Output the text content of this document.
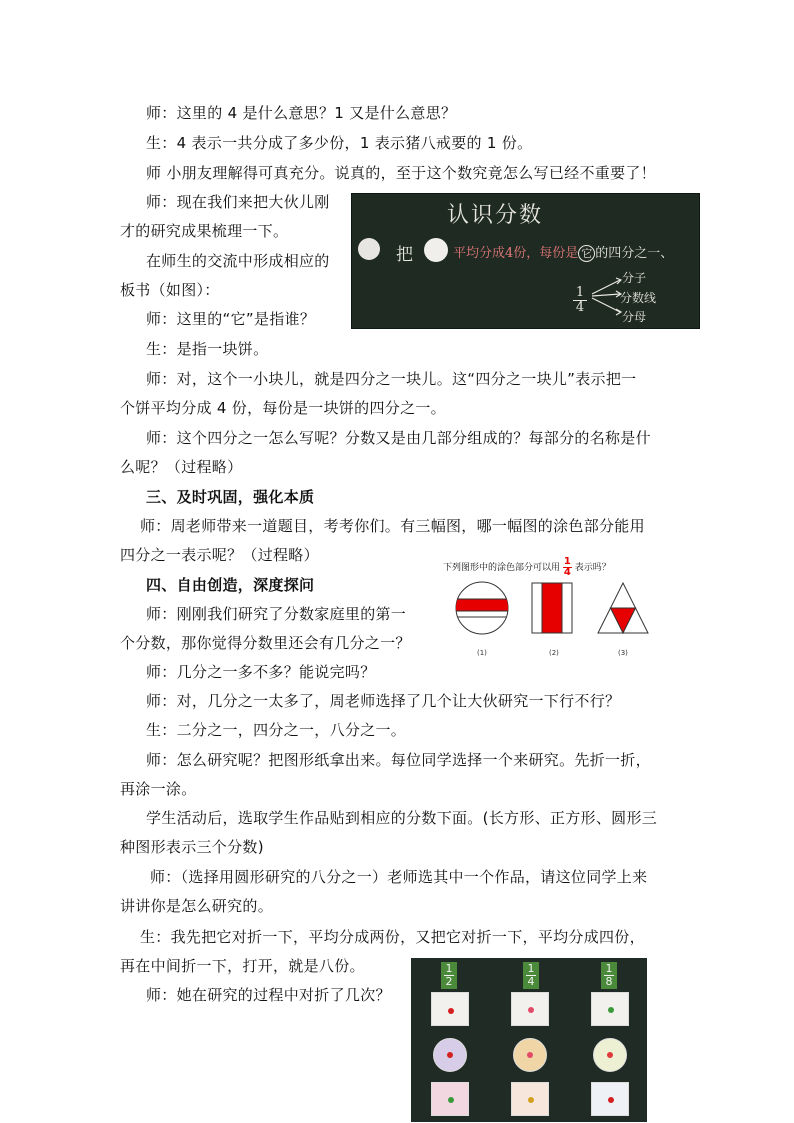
师：这里的 4 是什么意思？1 又是什么意思？
生：4 表示一共分成了多少份，1 表示猪八戒要的 1 份。
师 小朋友理解得可真充分。说真的，至于这个数究竟怎么写已经不重要了！
师：现在我们来把大伙儿刚
才的研究成果梳理一下。
在师生的交流中形成相应的
板书（如图）：
师：这里的“它”是指谁？
生：是指一块饼。
师：对，这个一小块儿，就是四分之一块儿。这“四分之一块儿”表示把一
个饼平均分成 4 份，每份是一块饼的四分之一。
师：这个四分之一怎么写呢？分数又是由几部分组成的？每部分的名称是什
么呢？（过程略）
三、及时巩固，强化本质
师：周老师带来一道题目，考考你们。有三幅图，哪一幅图的涂色部分能用
四分之一表示呢？（过程略）
四、自由创造，深度探问
师：刚刚我们研究了分数家庭里的第一
个分数，那你觉得分数里还会有几分之一？
师：几分之一多不多？能说完吗？
师：对，几分之一太多了，周老师选择了几个让大伙研究一下行不行？
生：二分之一，四分之一，八分之一。
师：怎么研究呢？把图形纸拿出来。每位同学选择一个来研究。先折一折，
再涂一涂。
学生活动后，选取学生作品贴到相应的分数下面。(长方形、正方形、圆形三
种图形表示三个分数)
师：（选择用圆形研究的八分之一）老师选其中一个作品，请这位同学上来
讲讲你是怎么研究的。
生：我先把它对折一下，平均分成两份，又把它对折一下，平均分成四份，
再在中间折一下，打开，就是八份。
师：她在研究的过程中对折了几次？
认识分数
把	平均分成4份，每份是 它 的四分之一、
1
4
分子
分数线
分母
下列图形中的涂色部分可以用 $\frac{1}{4}$ 表示吗？
(1)	(2)	(3)
1
2
1
4
1
8
